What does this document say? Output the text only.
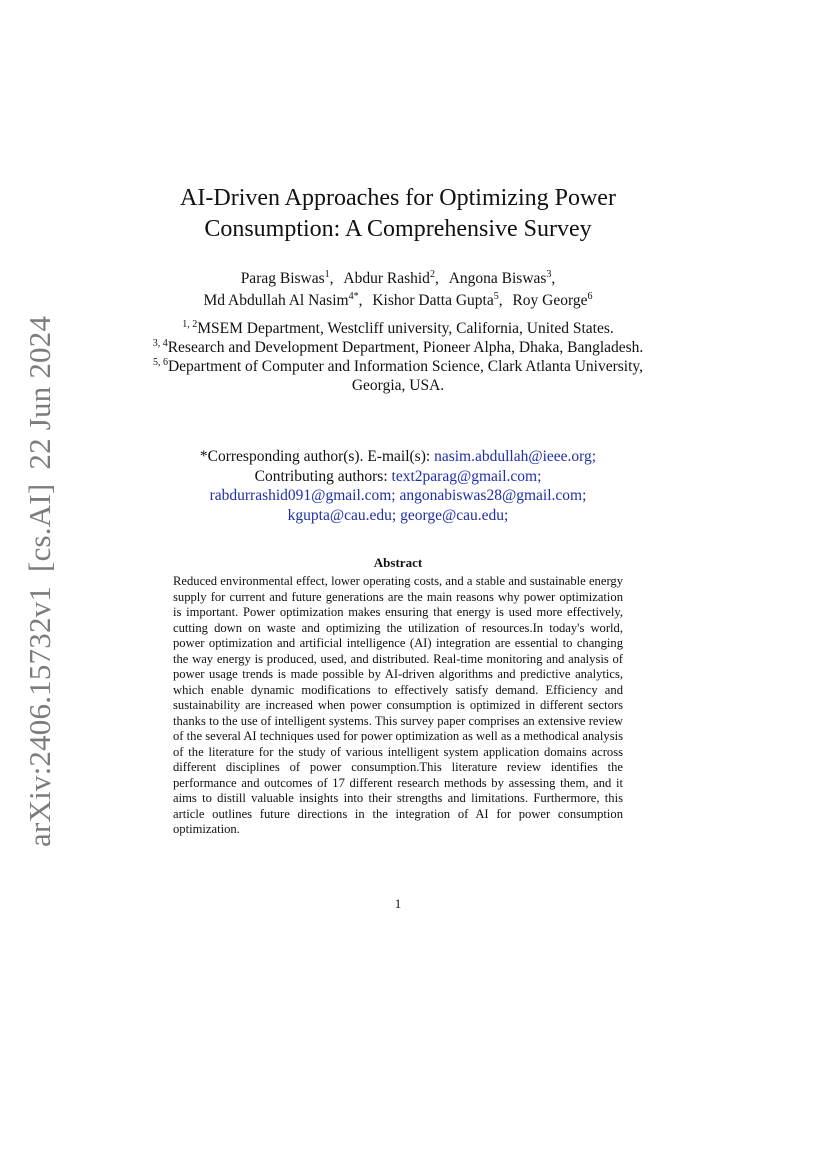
arXiv:2406.15732v1[cs.AI]22 Jun 2024
AI-Driven Approaches for Optimizing Power
Consumption: A Comprehensive Survey
Parag Biswas$^1$, Abdur Rashid$^2$, Angona Biswas$^3$,
Md Abdullah Al Nasim$^{4*}$, Kishor Datta Gupta$^5$, Roy George$^6$
$^{1, 2}$MSEM Department, Westcliff university, California, United States.
$^{3, 4}$Research and Development Department, Pioneer Alpha, Dhaka, Bangladesh.
$^{5, 6}$Department of Computer and Information Science, Clark Atlanta University, Georgia, USA.
*Corresponding author(s). E-mail(s): nasim.abdullah@ieee.org;
Contributing authors: text2parag@gmail.com;
rabdurrashid091@gmail.com; angonabiswas28@gmail.com;
kgupta@cau.edu; george@cau.edu;
Abstract

Reduced environmental effect, lower operating costs, and a stable and sustainable energy supply for current and future generations are the main reasons why power optimization is important. Power optimization makes ensuring that energy is used more effectively, cutting down on waste and optimizing the utilization of resources.In today's world, power optimization and artificial intelligence (AI) integration are essential to changing the way energy is produced, used, and distributed. Real-time monitoring and analysis of power usage trends is made possible by AI-driven algorithms and predictive analytics, which enable dynamic modifications to effectively satisfy demand. Efficiency and sustainability are increased when power consumption is optimized in different sectors thanks to the use of intelligent systems. This survey paper comprises an extensive review of the several AI techniques used for power optimization as well as a methodical analysis of the literature for the study of various intelligent system application domains across different disciplines of power consumption.This literature review identifies the performance and outcomes of 17 different research methods by assessing them, and it aims to distill valuable insights into their strengths and limitations. Furthermore, this article outlines future directions in the integration of AI for power consumption optimization.

1
